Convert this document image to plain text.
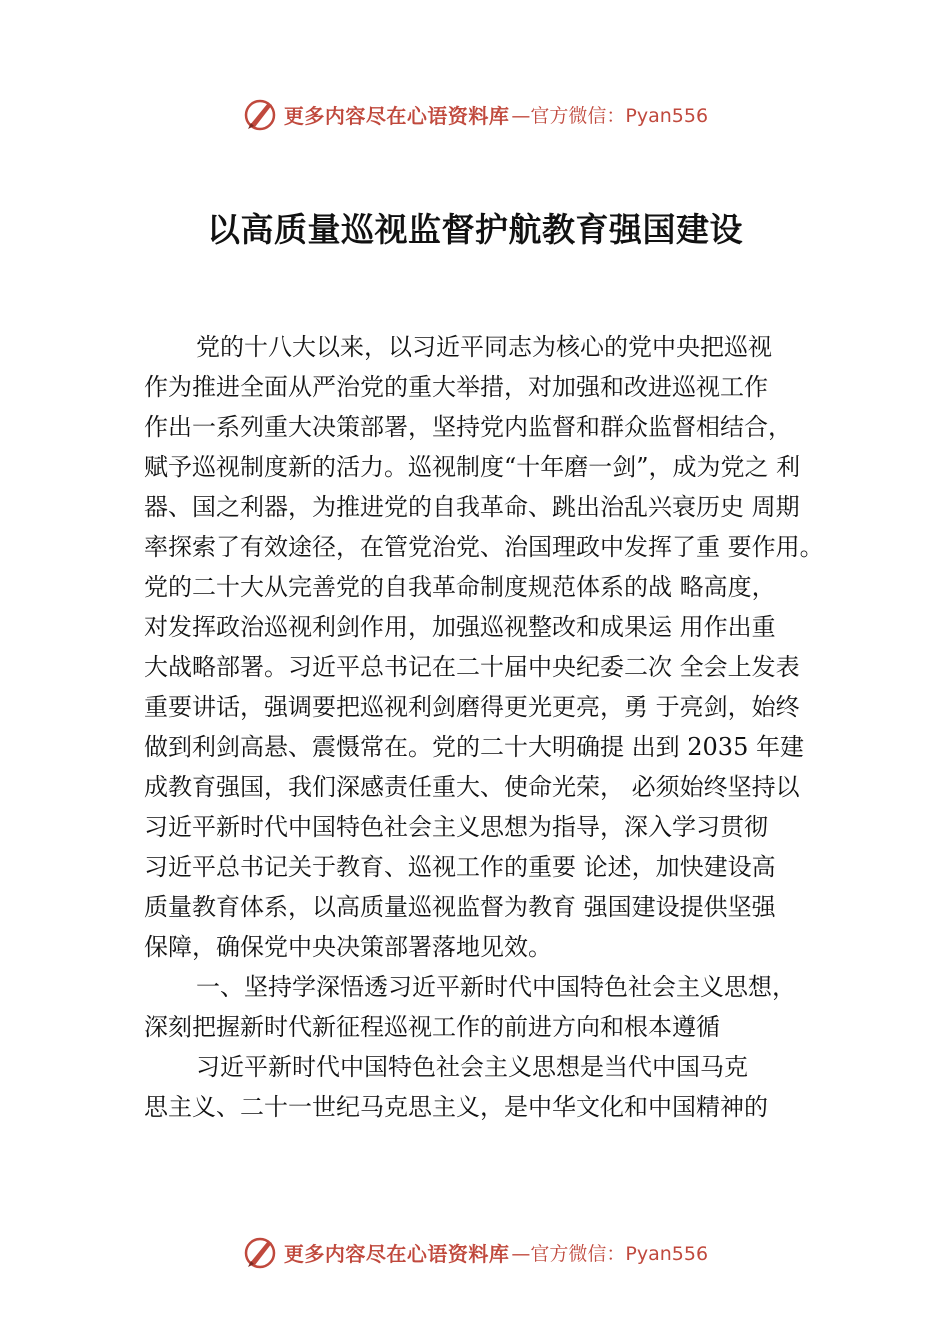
更多内容尽在心语资料库 —官方微信：Pyan556
以高质量巡视监督护航教育强国建设
党的十八大以来，以习近平同志为核心的党中央把巡视
作为推进全面从严治党的重大举措，对加强和改进巡视工作
作出一系列重大决策部署，坚持党内监督和群众监督相结合，
赋予巡视制度新的活力。巡视制度“十年磨一剑”，成为党之 利
器、国之利器，为推进党的自我革命、跳出治乱兴衰历史 周期
率探索了有效途径，在管党治党、治国理政中发挥了重 要作用。
党的二十大从完善党的自我革命制度规范体系的战 略高度，
对发挥政治巡视利剑作用，加强巡视整改和成果运 用作出重
大战略部署。习近平总书记在二十届中央纪委二次 全会上发表
重要讲话，强调要把巡视利剑磨得更光更亮，勇 于亮剑，始终
做到利剑高悬、震慑常在。党的二十大明确提 出到 2035 年建
成教育强国，我们深感责任重大、使命光荣， 必须始终坚持以
习近平新时代中国特色社会主义思想为指导，深入学习贯彻
习近平总书记关于教育、巡视工作的重要 论述，加快建设高
质量教育体系，以高质量巡视监督为教育 强国建设提供坚强
保障，确保党中央决策部署落地见效。
一、坚持学深悟透习近平新时代中国特色社会主义思想，
深刻把握新时代新征程巡视工作的前进方向和根本遵循
习近平新时代中国特色社会主义思想是当代中国马克
思主义、二十一世纪马克思主义，是中华文化和中国精神的
更多内容尽在心语资料库 —官方微信：Pyan556
